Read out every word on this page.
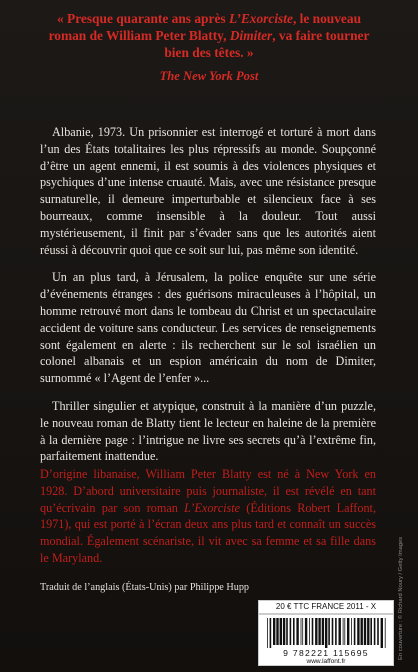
« Presque quarante ans après L’Exorciste, le nouveau roman de William Peter Blatty, Dimiter, va faire tourner bien des têtes. »

The New York Post

Albanie, 1973. Un prisonnier est interrogé et torturé à mort dans l’un des États totalitaires les plus répressifs au monde. Soupçonné d’être un agent ennemi, il est soumis à des violences physiques et psychiques d’une intense cruauté. Mais, avec une résistance presque surnaturelle, il demeure imperturbable et silencieux face à ses bourreaux, comme insensible à la douleur. Tout aussi mystérieusement, il finit par s’évader sans que les autorités aient réussi à découvrir quoi que ce soit sur lui, pas même son identité.

Un an plus tard, à Jérusalem, la police enquête sur une série d’événements étranges : des guérisons miraculeuses à l’hôpital, un homme retrouvé mort dans le tombeau du Christ et un spectaculaire accident de voiture sans conducteur. Les services de renseignements sont également en alerte : ils recherchent sur le sol israélien un colonel albanais et un espion américain du nom de Dimiter, surnommé « l’Agent de l’enfer »...

Thriller singulier et atypique, construit à la manière d’un puzzle, le nouveau roman de Blatty tient le lecteur en haleine de la première à la dernière page : l’intrigue ne livre ses secrets qu’à l’extrême fin, parfaitement inattendue.

D’origine libanaise, William Peter Blatty est né à New York en 1928. D’abord universitaire puis journaliste, il est révélé en tant qu’écrivain par son roman L’Exorciste (Éditions Robert Laffont, 1971), qui est porté à l’écran deux ans plus tard et connaît un succès mondial. Également scénariste, il vit avec sa femme et sa fille dans le Maryland.
Traduit de l’anglais (États-Unis) par Philippe Hupp
20 € TTC FRANCE 2011 - X
9 782221 115695
www.laffont.fr
En couverture : © Richard Noury / Getty Images
